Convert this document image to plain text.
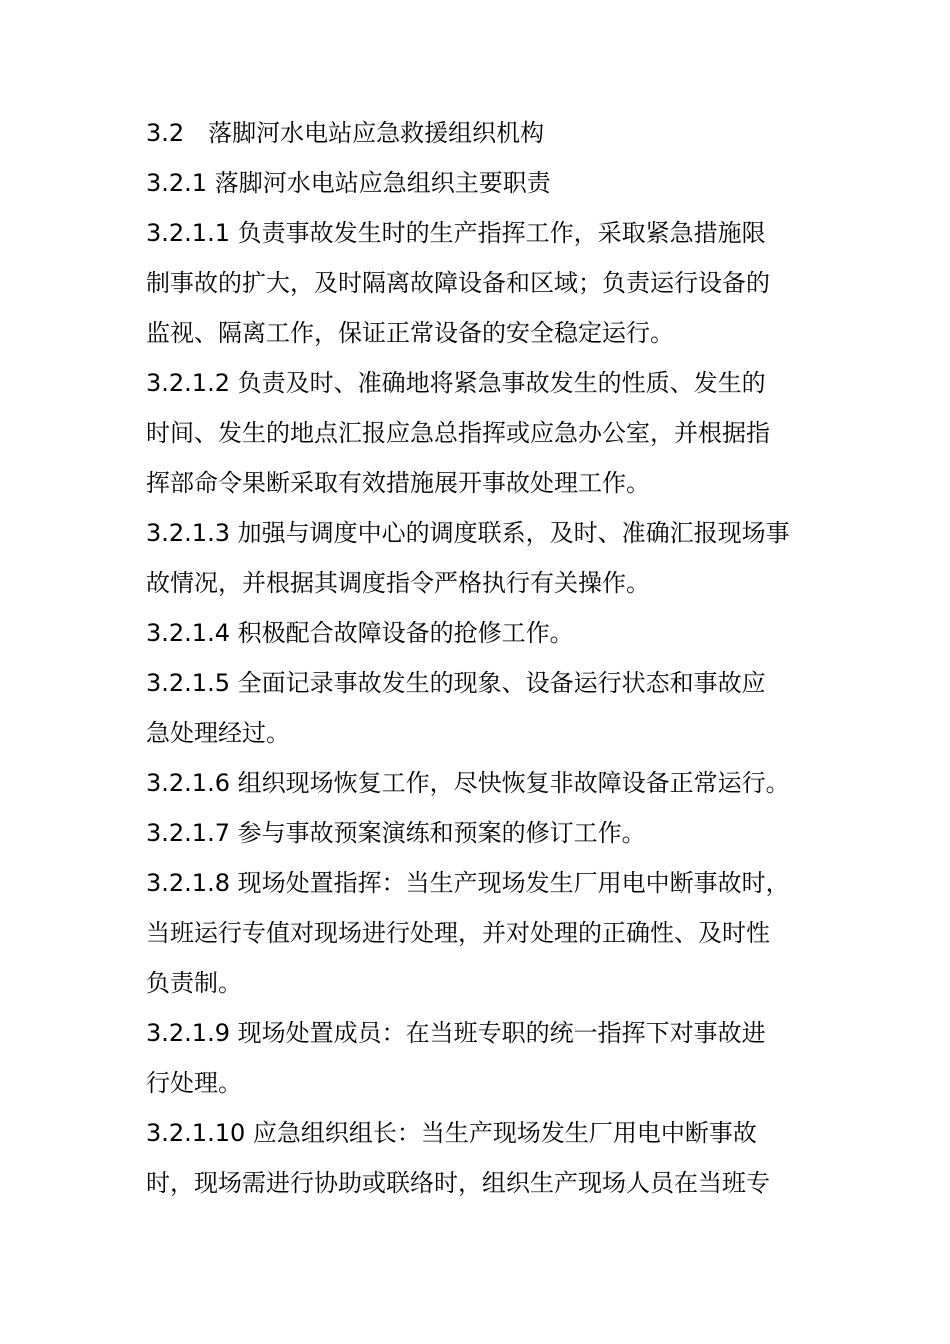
3.2　落脚河水电站应急救援组织机构
3.2.1 落脚河水电站应急组织主要职责
3.2.1.1 负责事故发生时的生产指挥工作，采取紧急措施限
制事故的扩大，及时隔离故障设备和区域；负责运行设备的
监视、隔离工作，保证正常设备的安全稳定运行。
3.2.1.2 负责及时、准确地将紧急事故发生的性质、发生的
时间、发生的地点汇报应急总指挥或应急办公室，并根据指
挥部命令果断采取有效措施展开事故处理工作。
3.2.1.3 加强与调度中心的调度联系，及时、准确汇报现场事
故情况，并根据其调度指令严格执行有关操作。
3.2.1.4 积极配合故障设备的抢修工作。
3.2.1.5 全面记录事故发生的现象、设备运行状态和事故应
急处理经过。
3.2.1.6 组织现场恢复工作，尽快恢复非故障设备正常运行。
3.2.1.7 参与事故预案演练和预案的修订工作。
3.2.1.8 现场处置指挥：当生产现场发生厂用电中断事故时，
当班运行专值对现场进行处理，并对处理的正确性、及时性
负责制。
3.2.1.9 现场处置成员：在当班专职的统一指挥下对事故进
行处理。
3.2.1.10 应急组织组长：当生产现场发生厂用电中断事故
时，现场需进行协助或联络时，组织生产现场人员在当班专
